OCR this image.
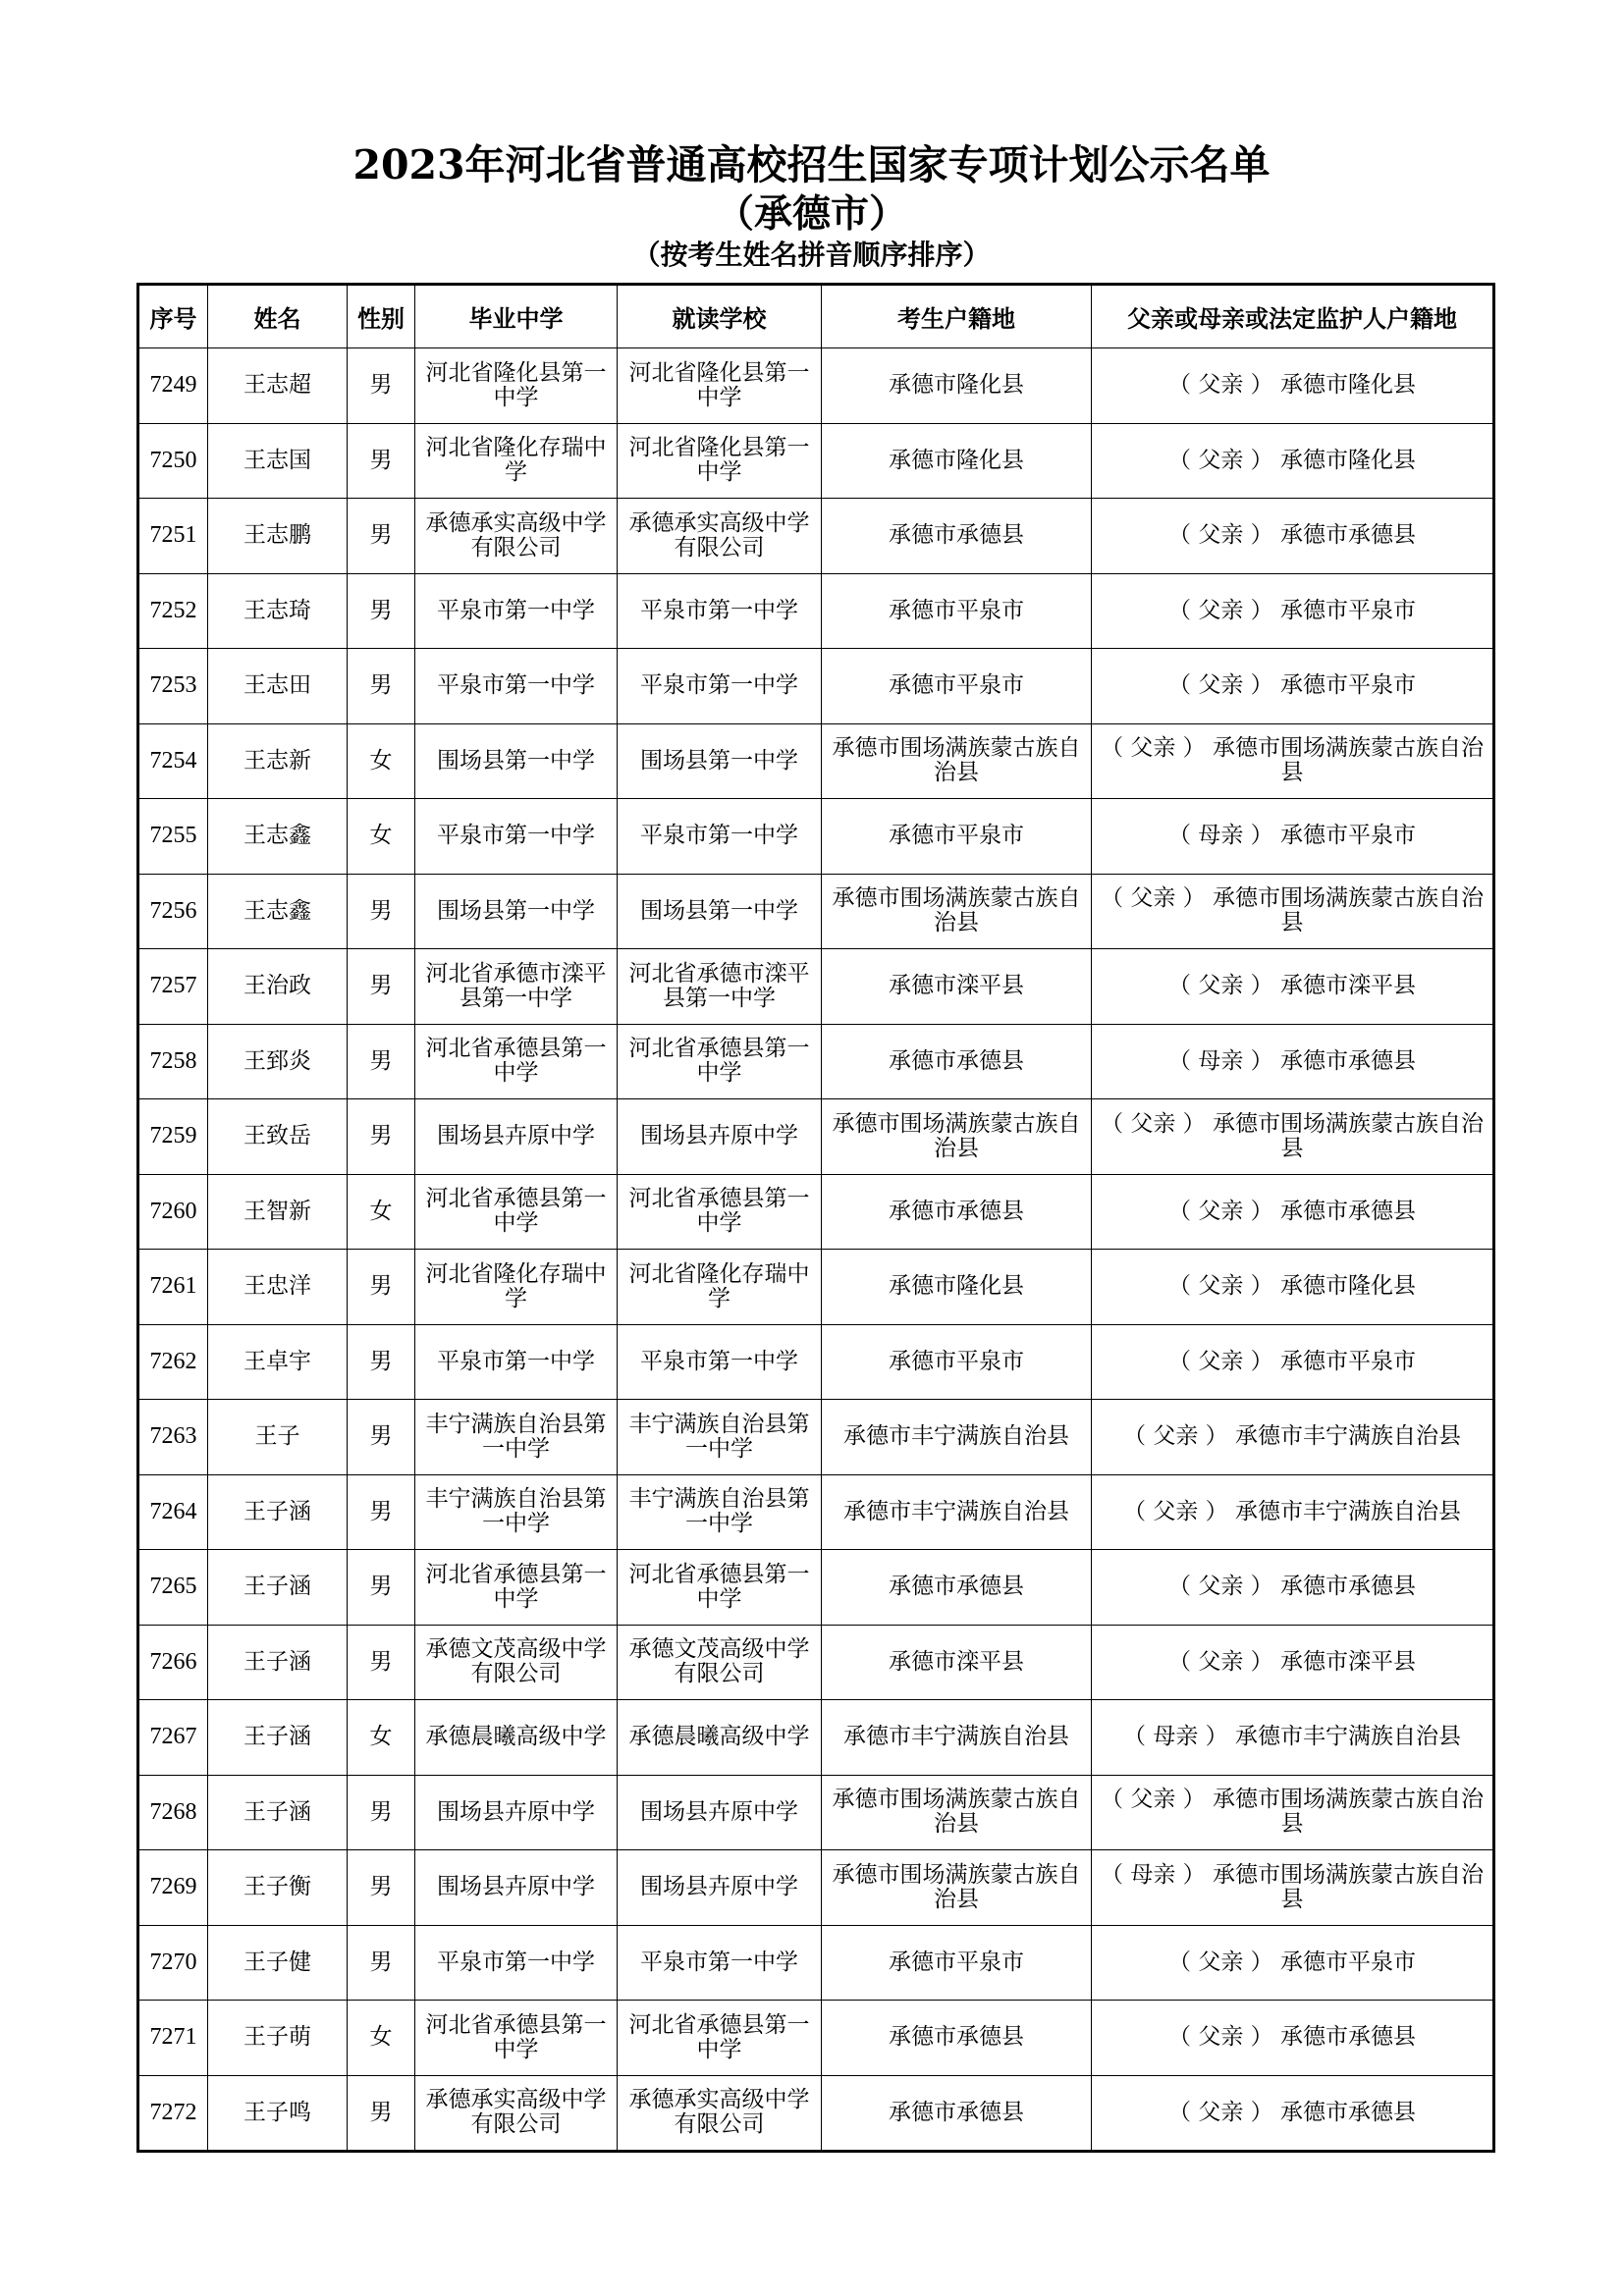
2023年河北省普通高校招生国家专项计划公示名单
（承德市）
（按考生姓名拼音顺序排序）
序号	姓名	性别	毕业中学	就读学校	考生户籍地	父亲或母亲或法定监护人户籍地
7249	王志超	男	河北省隆化县第一中学	河北省隆化县第一中学	承德市隆化县	（ 父亲 ） 承德市隆化县
7250	王志国	男	河北省隆化存瑞中学	河北省隆化县第一中学	承德市隆化县	（ 父亲 ） 承德市隆化县
7251	王志鹏	男	承德承实高级中学有限公司	承德承实高级中学有限公司	承德市承德县	（ 父亲 ） 承德市承德县
7252	王志琦	男	平泉市第一中学	平泉市第一中学	承德市平泉市	（ 父亲 ） 承德市平泉市
7253	王志田	男	平泉市第一中学	平泉市第一中学	承德市平泉市	（ 父亲 ） 承德市平泉市
7254	王志新	女	围场县第一中学	围场县第一中学	承德市围场满族蒙古族自治县	（ 父亲 ） 承德市围场满族蒙古族自治县
7255	王志鑫	女	平泉市第一中学	平泉市第一中学	承德市平泉市	（ 母亲 ） 承德市平泉市
7256	王志鑫	男	围场县第一中学	围场县第一中学	承德市围场满族蒙古族自治县	（ 父亲 ） 承德市围场满族蒙古族自治县
7257	王治政	男	河北省承德市滦平县第一中学	河北省承德市滦平县第一中学	承德市滦平县	（ 父亲 ） 承德市滦平县
7258	王郅炎	男	河北省承德县第一中学	河北省承德县第一中学	承德市承德县	（ 母亲 ） 承德市承德县
7259	王致岳	男	围场县卉原中学	围场县卉原中学	承德市围场满族蒙古族自治县	（ 父亲 ） 承德市围场满族蒙古族自治县
7260	王智新	女	河北省承德县第一中学	河北省承德县第一中学	承德市承德县	（ 父亲 ） 承德市承德县
7261	王忠洋	男	河北省隆化存瑞中学	河北省隆化存瑞中学	承德市隆化县	（ 父亲 ） 承德市隆化县
7262	王卓宇	男	平泉市第一中学	平泉市第一中学	承德市平泉市	（ 父亲 ） 承德市平泉市
7263	王子	男	丰宁满族自治县第一中学	丰宁满族自治县第一中学	承德市丰宁满族自治县	（ 父亲 ） 承德市丰宁满族自治县
7264	王子涵	男	丰宁满族自治县第一中学	丰宁满族自治县第一中学	承德市丰宁满族自治县	（ 父亲 ） 承德市丰宁满族自治县
7265	王子涵	男	河北省承德县第一中学	河北省承德县第一中学	承德市承德县	（ 父亲 ） 承德市承德县
7266	王子涵	男	承德文茂高级中学有限公司	承德文茂高级中学有限公司	承德市滦平县	（ 父亲 ） 承德市滦平县
7267	王子涵	女	承德晨曦高级中学	承德晨曦高级中学	承德市丰宁满族自治县	（ 母亲 ） 承德市丰宁满族自治县
7268	王子涵	男	围场县卉原中学	围场县卉原中学	承德市围场满族蒙古族自治县	（ 父亲 ） 承德市围场满族蒙古族自治县
7269	王子衡	男	围场县卉原中学	围场县卉原中学	承德市围场满族蒙古族自治县	（ 母亲 ） 承德市围场满族蒙古族自治县
7270	王子健	男	平泉市第一中学	平泉市第一中学	承德市平泉市	（ 父亲 ） 承德市平泉市
7271	王子萌	女	河北省承德县第一中学	河北省承德县第一中学	承德市承德县	（ 父亲 ） 承德市承德县
7272	王子鸣	男	承德承实高级中学有限公司	承德承实高级中学有限公司	承德市承德县	（ 父亲 ） 承德市承德县
